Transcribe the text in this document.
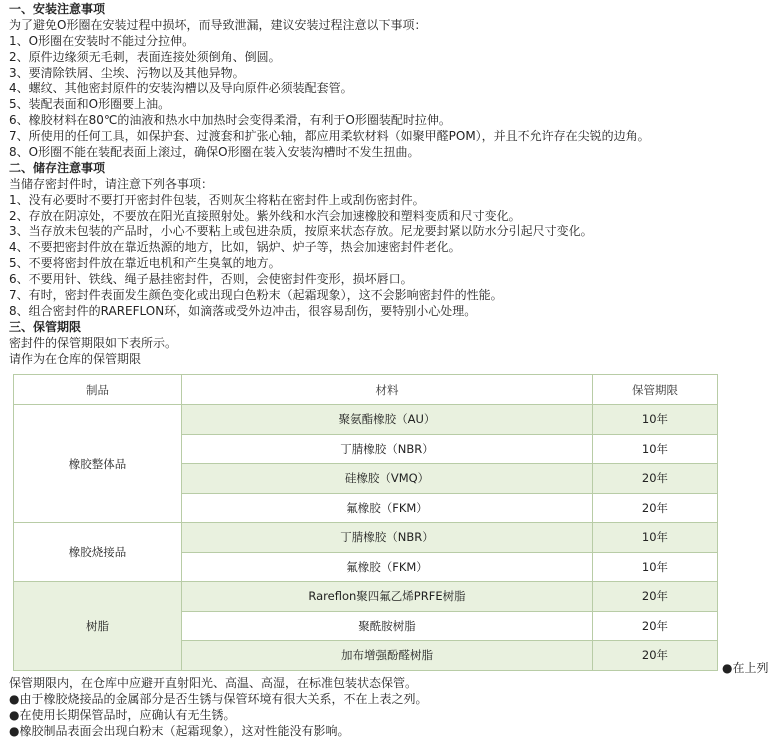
一、安装注意事项
为了避免O形圈在安装过程中损坏，而导致泄漏，建议安装过程注意以下事项：
1、O形圈在安装时不能过分拉伸。
2、原件边缘须无毛刺，表面连接处须倒角、倒圆。
3、要清除铁屑、尘埃、污物以及其他异物。
4、螺纹、其他密封原件的安装沟槽以及导向原件必须装配套管。
5、装配表面和O形圈要上油。
6、橡胶材料在80℃的油液和热水中加热时会变得柔滑，有利于O形圈装配时拉伸。
7、所使用的任何工具，如保护套、过渡套和扩张心轴，都应用柔软材料（如聚甲醛POM），并且不允许存在尖锐的边角。
8、O形圈不能在装配表面上滚过，确保O形圈在装入安装沟槽时不发生扭曲。
二、储存注意事项
当储存密封件时，请注意下列各事项：
1、没有必要时不要打开密封件包装，否则灰尘将粘在密封件上或刮伤密封件。
2、存放在阴凉处，不要放在阳光直接照射处。紫外线和水汽会加速橡胶和塑料变质和尺寸变化。
3、当存放未包装的产品时，小心不要粘上或包进杂质，按原来状态存放。尼龙要封紧以防水分引起尺寸变化。
4、不要把密封件放在靠近热源的地方，比如，锅炉、炉子等，热会加速密封件老化。
5、不要将密封件放在靠近电机和产生臭氧的地方。
6、不要用针、铁线、绳子悬挂密封件，否则，会使密封件变形，损坏唇口。
7、有时，密封件表面发生颜色变化或出现白色粉末（起霜现象），这不会影响密封件的性能。
8、组合密封件的RAREFLON环，如滴落或受外边冲击，很容易刮伤，要特别小心处理。
三、保管期限
密封件的保管期限如下表所示。
请作为在仓库的保管期限
制品	材料	保管期限
橡胶整体品	聚氨酯橡胶（AU）	10年
	丁腈橡胶（NBR）	10年
	硅橡胶（VMQ）	20年
	氟橡胶（FKM）	20年
橡胶烧接品	丁腈橡胶（NBR）	10年
	氟橡胶（FKM）	10年
树脂	Rareflon聚四氟乙烯PRFE树脂	20年
	聚酰胺树脂	20年
	加布增强酚醛树脂	20年
●在上列
保管期限内，在仓库中应避开直射阳光、高温、高湿，在标准包装状态保管。
●由于橡胶烧接品的金属部分是否生锈与保管环境有很大关系，不在上表之列。
●在使用长期保管品时，应确认有无生锈。
●橡胶制品表面会出现白粉末（起霜现象），这对性能没有影响。
